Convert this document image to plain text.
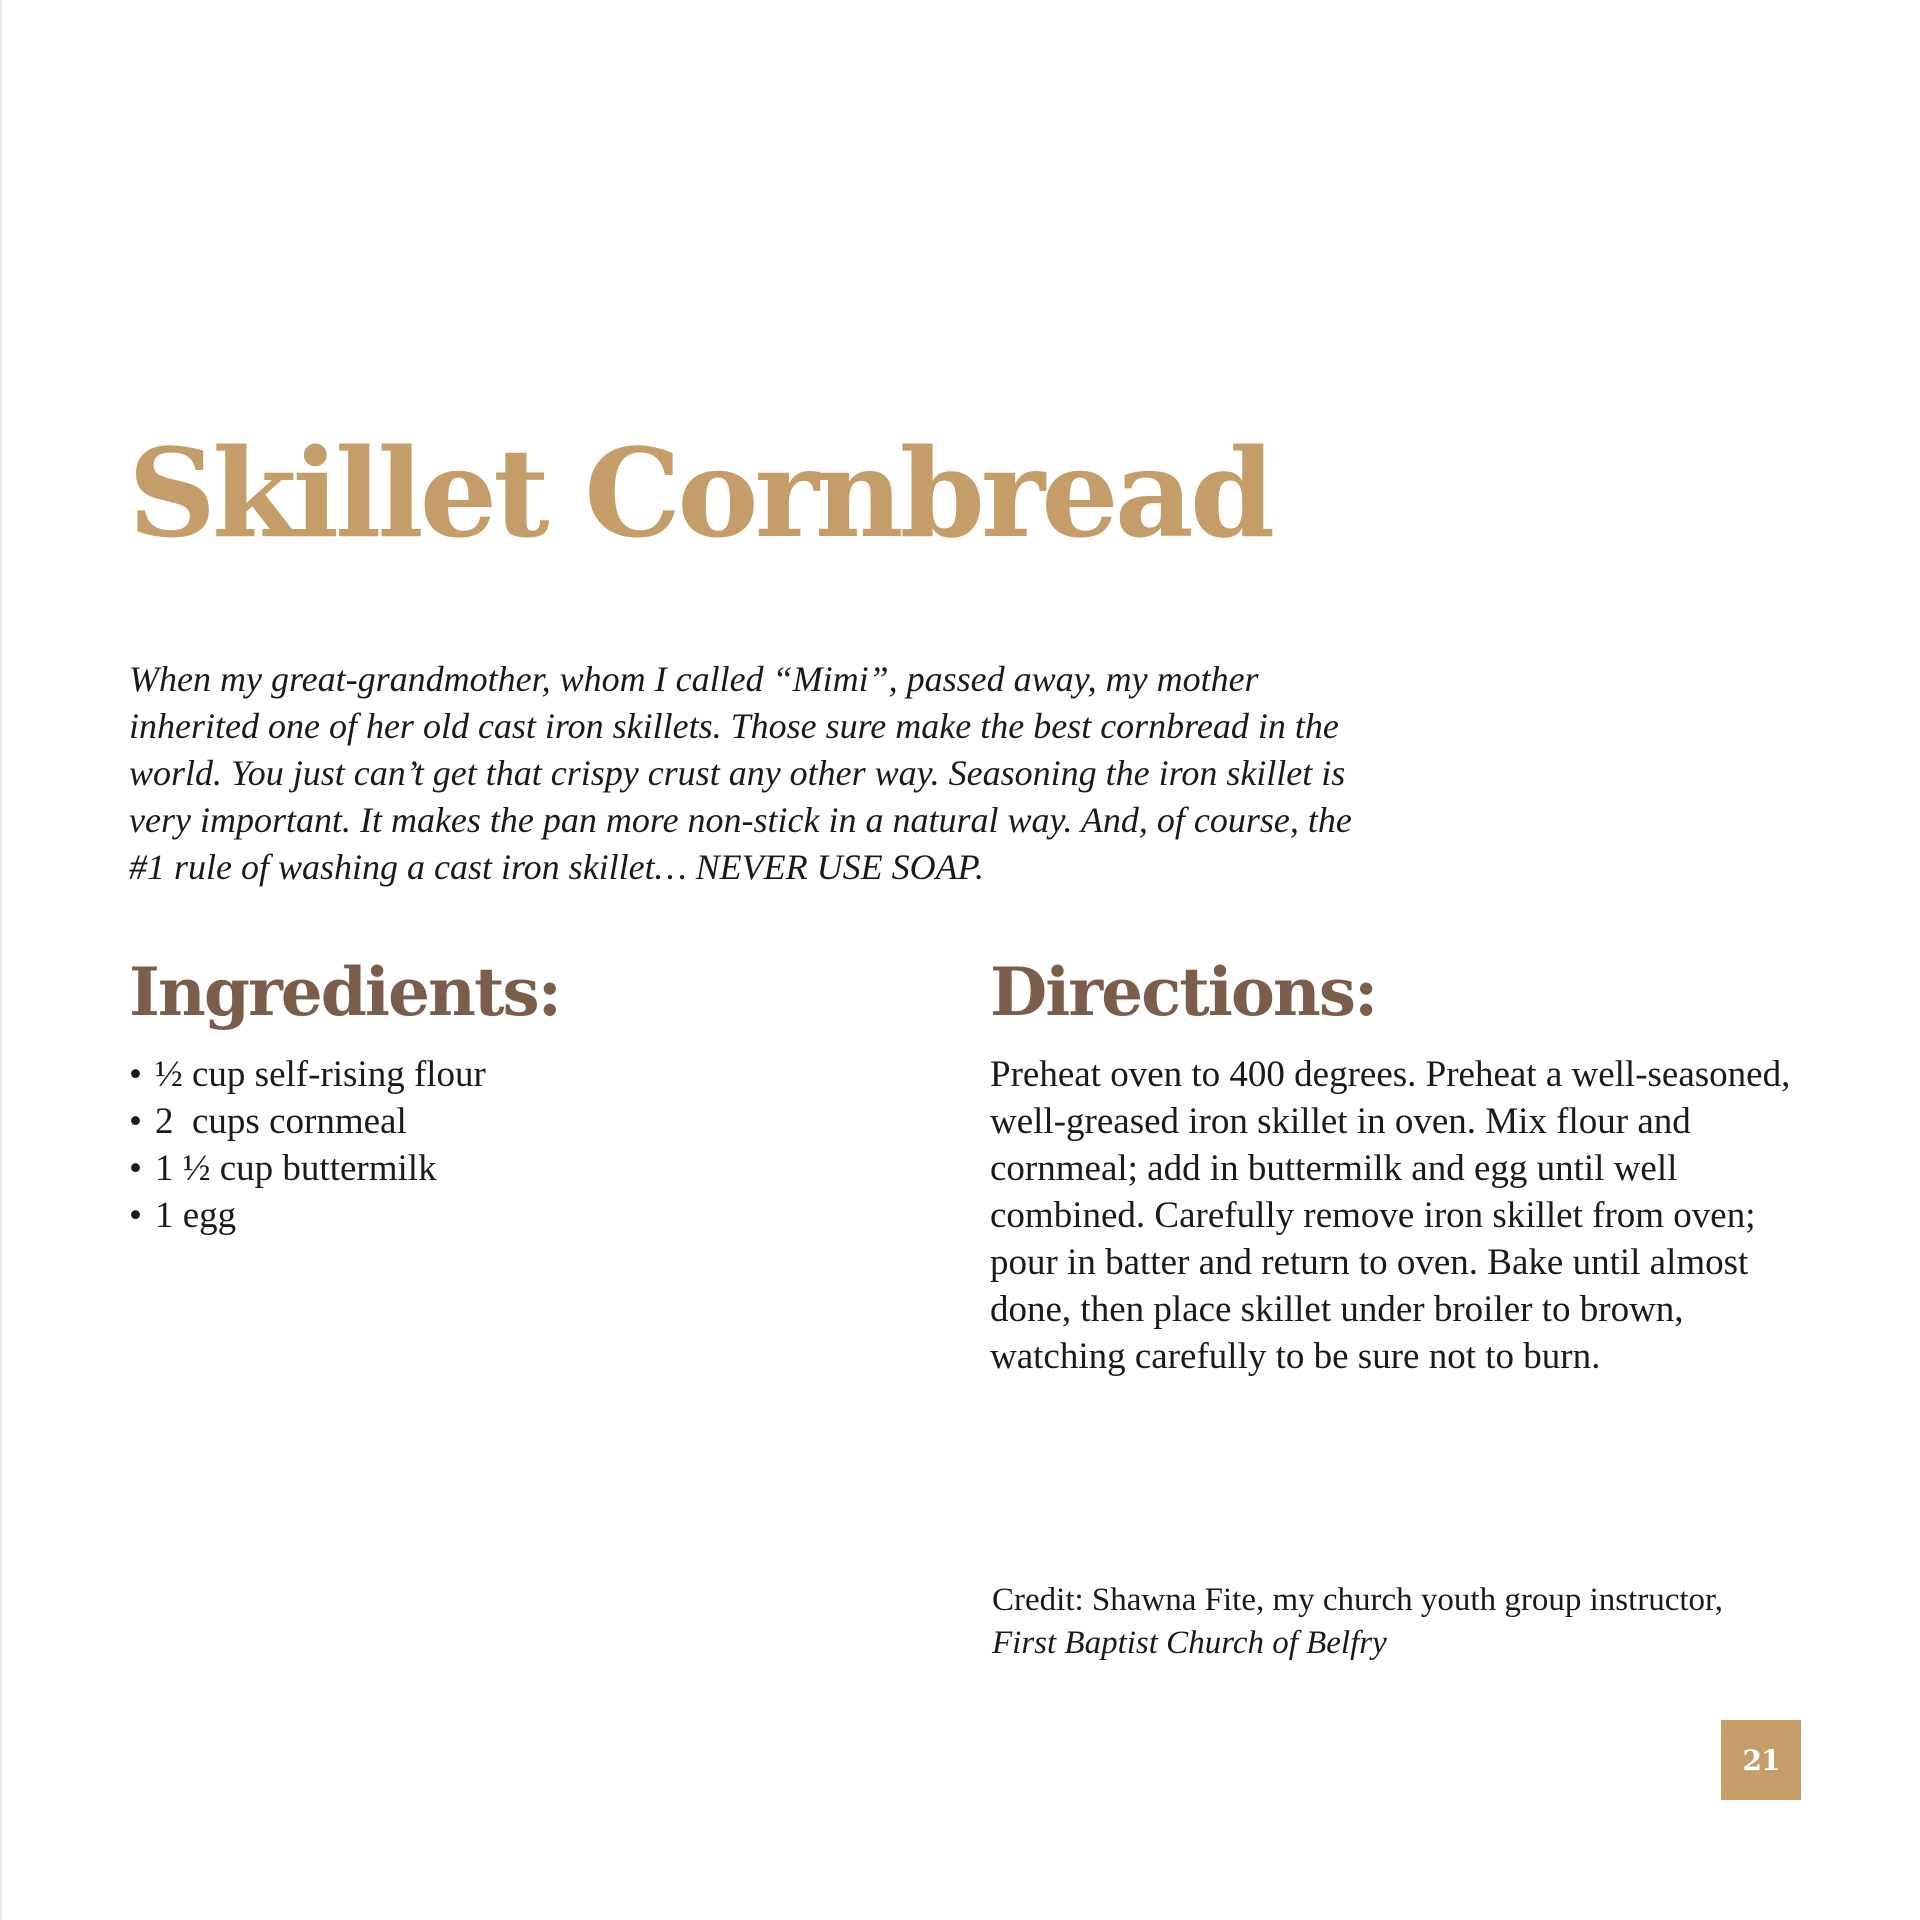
Skillet Cornbread

When my great-grandmother, whom I called “Mimi”, passed away, my mother
inherited one of her old cast iron skillets. Those sure make the best cornbread in the
world. You just can’t get that crispy crust any other way. Seasoning the iron skillet is
very important. It makes the pan more non-stick in a natural way. And, of course, the
#1 rule of washing a cast iron skillet… NEVER USE SOAP.

Ingredients:
• ½ cup self-rising flour
• 2  cups cornmeal
• 1 ½ cup buttermilk
• 1 egg
Directions:

Preheat oven to 400 degrees. Preheat a well-seasoned,
well-greased iron skillet in oven. Mix flour and
cornmeal; add in buttermilk and egg until well
combined. Carefully remove iron skillet from oven;
pour in batter and return to oven. Bake until almost
done, then place skillet under broiler to brown,
watching carefully to be sure not to burn.

Credit: Shawna Fite, my church youth group instructor,
First Baptist Church of Belfry

21
